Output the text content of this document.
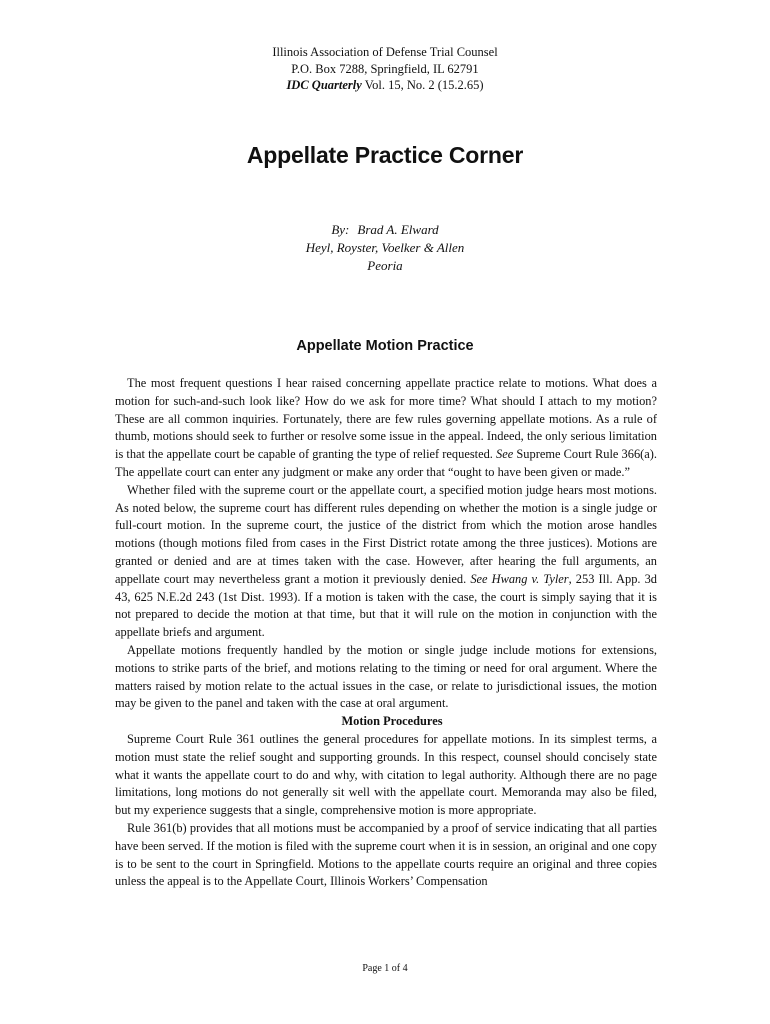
Illinois Association of Defense Trial Counsel
P.O. Box 7288, Springfield, IL 62791
IDC Quarterly Vol. 15, No. 2 (15.2.65)
Appellate Practice Corner
By: Brad A. Elward
Heyl, Royster, Voelker & Allen
Peoria
Appellate Motion Practice

The most frequent questions I hear raised concerning appellate practice relate to motions. What does a motion for such-and-such look like? How do we ask for more time? What should I attach to my motion? These are all common inquiries. Fortunately, there are few rules governing appellate motions. As a rule of thumb, motions should seek to further or resolve some issue in the appeal. Indeed, the only serious limitation is that the appellate court be capable of granting the type of relief requested. See Supreme Court Rule 366(a). The appellate court can enter any judgment or make any order that “ought to have been given or made.”

Whether filed with the supreme court or the appellate court, a specified motion judge hears most motions. As noted below, the supreme court has different rules depending on whether the motion is a single judge or full-court motion. In the supreme court, the justice of the district from which the motion arose handles motions (though motions filed from cases in the First District rotate among the three justices). Motions are granted or denied and are at times taken with the case. However, after hearing the full arguments, an appellate court may nevertheless grant a motion it previously denied. See Hwang v. Tyler, 253 Ill. App. 3d 43, 625 N.E.2d 243 (1st Dist. 1993). If a motion is taken with the case, the court is simply saying that it is not prepared to decide the motion at that time, but that it will rule on the motion in conjunction with the appellate briefs and argument.

Appellate motions frequently handled by the motion or single judge include motions for extensions, motions to strike parts of the brief, and motions relating to the timing or need for oral argument. Where the matters raised by motion relate to the actual issues in the case, or relate to jurisdictional issues, the motion may be given to the panel and taken with the case at oral argument.

Motion Procedures

Supreme Court Rule 361 outlines the general procedures for appellate motions. In its simplest terms, a motion must state the relief sought and supporting grounds. In this respect, counsel should concisely state what it wants the appellate court to do and why, with citation to legal authority. Although there are no page limitations, long motions do not generally sit well with the appellate court. Memoranda may also be filed, but my experience suggests that a single, comprehensive motion is more appropriate.

Rule 361(b) provides that all motions must be accompanied by a proof of service indicating that all parties have been served. If the motion is filed with the supreme court when it is in session, an original and one copy is to be sent to the court in Springfield. Motions to the appellate courts require an original and three copies unless the appeal is to the Appellate Court, Illinois Workers’ Compensation

Page 1 of 4
